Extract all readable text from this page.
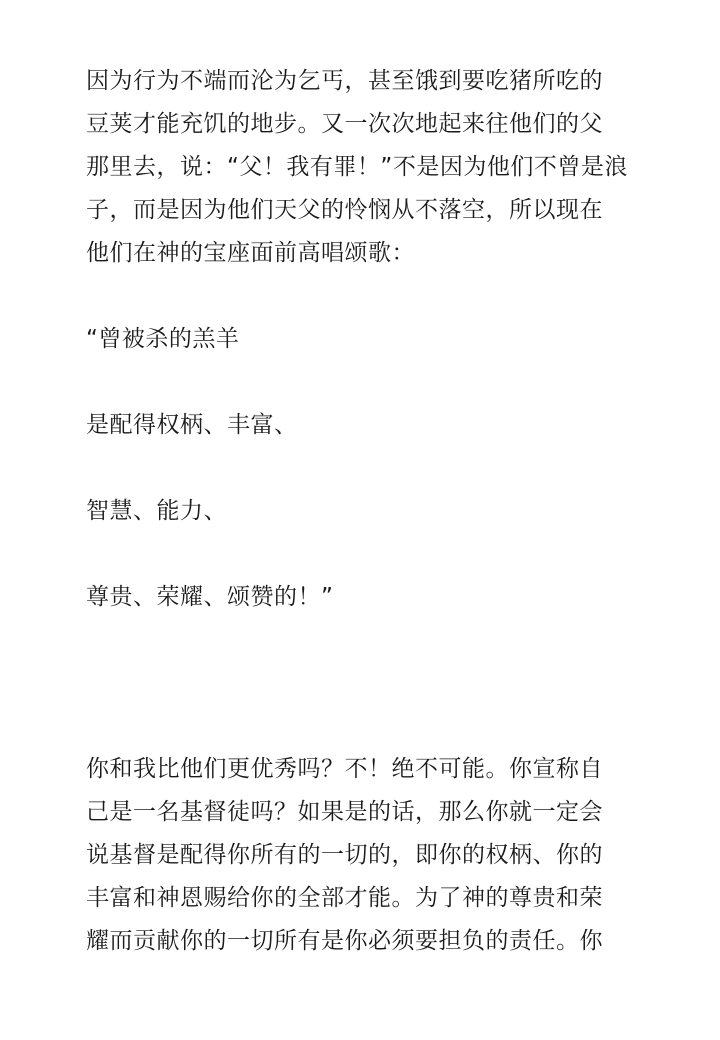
因为行为不端而沦为乞丐，甚至饿到要吃猪所吃的
豆荚才能充饥的地步。又一次次地起来往他们的父
那里去，说：“父！我有罪！”不是因为他们不曾是浪
子，而是因为他们天父的怜悯从不落空，所以现在
他们在神的宝座面前高唱颂歌：

“曾被杀的羔羊

是配得权柄、丰富、

智慧、能力、

尊贵、荣耀、颂赞的！”

你和我比他们更优秀吗？不！绝不可能。你宣称自
己是一名基督徒吗？如果是的话，那么你就一定会
说基督是配得你所有的一切的，即你的权柄、你的
丰富和神恩赐给你的全部才能。为了神的尊贵和荣
耀而贡献你的一切所有是你必须要担负的责任。你
